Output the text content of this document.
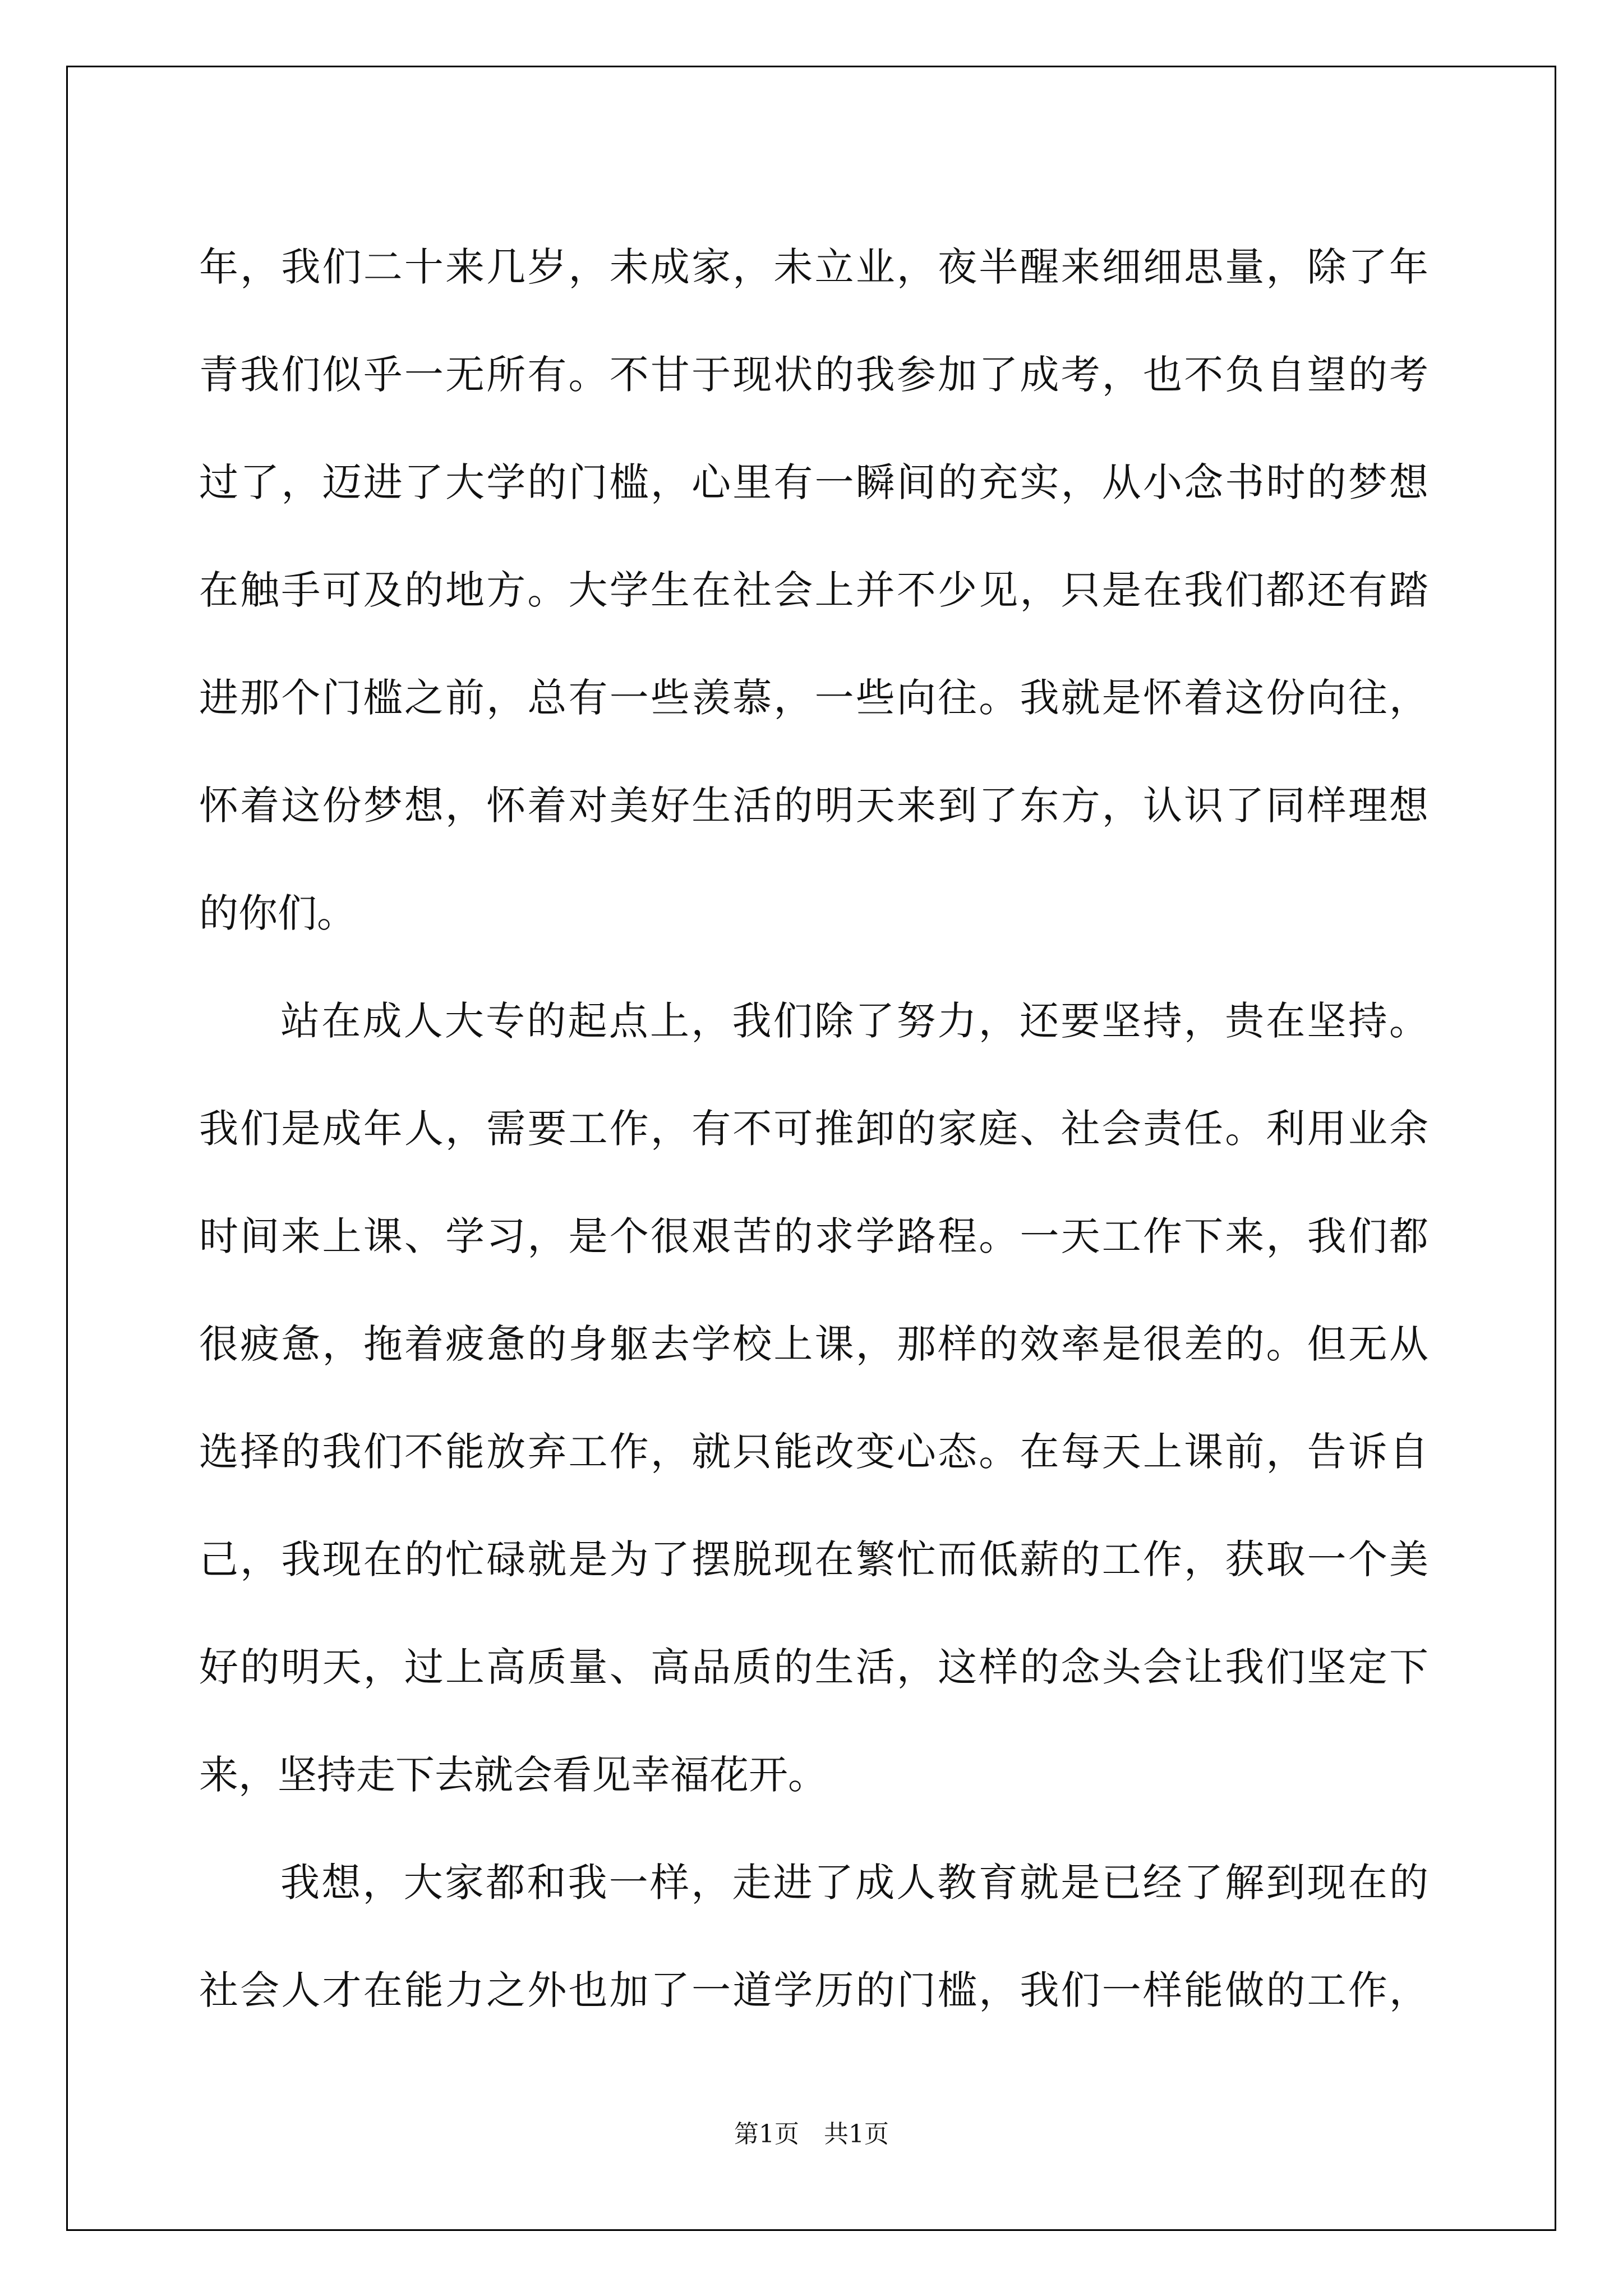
年，我们二十来几岁，未成家，未立业，夜半醒来细细思量，除了年
青我们似乎一无所有。不甘于现状的我参加了成考，也不负自望的考
过了，迈进了大学的门槛，心里有一瞬间的充实，从小念书时的梦想
在触手可及的地方。大学生在社会上并不少见，只是在我们都还有踏
进那个门槛之前，总有一些羡慕，一些向往。我就是怀着这份向往，
怀着这份梦想，怀着对美好生活的明天来到了东方，认识了同样理想
的你们。
站在成人大专的起点上，我们除了努力，还要坚持，贵在坚持。
我们是成年人，需要工作，有不可推卸的家庭、社会责任。利用业余
时间来上课、学习，是个很艰苦的求学路程。一天工作下来，我们都
很疲惫，拖着疲惫的身躯去学校上课，那样的效率是很差的。但无从
选择的我们不能放弃工作，就只能改变心态。在每天上课前，告诉自
己，我现在的忙碌就是为了摆脱现在繁忙而低薪的工作，获取一个美
好的明天，过上高质量、高品质的生活，这样的念头会让我们坚定下
来，坚持走下去就会看见幸福花开。
我想，大家都和我一样，走进了成人教育就是已经了解到现在的
社会人才在能力之外也加了一道学历的门槛，我们一样能做的工作，
第1页　共1页
